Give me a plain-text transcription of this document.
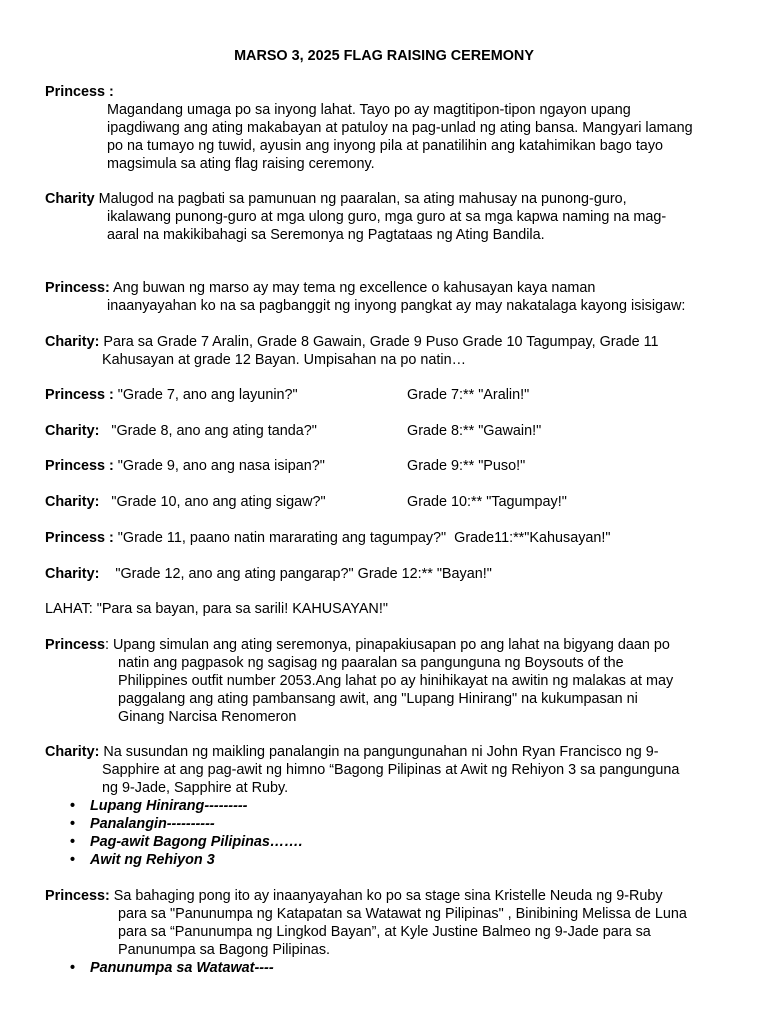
MARSO 3, 2025 FLAG RAISING CEREMONY
Princess :
Magandang umaga po sa inyong lahat. Tayo po ay magtitipon-tipon ngayon upang
ipagdiwang ang ating makabayan at patuloy na pag-unlad ng ating bansa. Mangyari lamang
po na tumayo ng tuwid, ayusin ang inyong pila at panatilihin ang katahimikan bago tayo
magsimula sa ating flag raising ceremony.
Charity Malugod na pagbati sa pamunuan ng paaralan, sa ating mahusay na punong-guro,
ikalawang punong-guro at mga ulong guro, mga guro at sa mga kapwa naming na mag-
aaral na makikibahagi sa Seremonya ng Pagtataas ng Ating Bandila.
Princess: Ang buwan ng marso ay may tema ng excellence o kahusayan kaya naman
inaanyayahan ko na sa pagbanggit ng inyong pangkat ay may nakatalaga kayong isisigaw:
Charity: Para sa Grade 7 Aralin, Grade 8 Gawain, Grade 9 Puso Grade 10 Tagumpay, Grade 11
Kahusayan at grade 12 Bayan. Umpisahan na po natin…
Princess : "Grade 7, ano ang layunin?"	Grade 7:** "Aralin!"
Charity:   "Grade 8, ano ang ating tanda?"	Grade 8:** "Gawain!"
Princess : "Grade 9, ano ang nasa isipan?"	Grade 9:** "Puso!"
Charity:   "Grade 10, ano ang ating sigaw?"	Grade 10:** "Tagumpay!"
Princess : "Grade 11, paano natin mararating ang tagumpay?"  Grade11:**"Kahusayan!"
Charity:    "Grade 12, ano ang ating pangarap?" Grade 12:** "Bayan!"
LAHAT: "Para sa bayan, para sa sarili! KAHUSAYAN!"
Princess: Upang simulan ang ating seremonya, pinapakiusapan po ang lahat na bigyang daan po
natin ang pagpasok ng sagisag ng paaralan sa pangunguna ng Boysouts of the
Philippines outfit number 2053.Ang lahat po ay hinihikayat na awitin ng malakas at may
paggalang ang ating pambansang awit, ang "Lupang Hinirang" na kukumpasan ni
Ginang Narcisa Renomeron
Charity: Na susundan ng maikling panalangin na pangungunahan ni John Ryan Francisco ng 9-
Sapphire at ang pag-awit ng himno “Bagong Pilipinas at Awit ng Rehiyon 3 sa pangunguna
ng 9-Jade, Sapphire at Ruby.
• Lupang Hinirang---------
• Panalangin----------
• Pag-awit Bagong Pilipinas…….
• Awit ng Rehiyon 3
Princess: Sa bahaging pong ito ay inaanyayahan ko po sa stage sina Kristelle Neuda ng 9-Ruby
para sa "Panunumpa ng Katapatan sa Watawat ng Pilipinas" , Binibining Melissa de Luna
para sa “Panunumpa ng Lingkod Bayan”, at Kyle Justine Balmeo ng 9-Jade para sa
Panunumpa sa Bagong Pilipinas.
• Panunumpa sa Watawat----
